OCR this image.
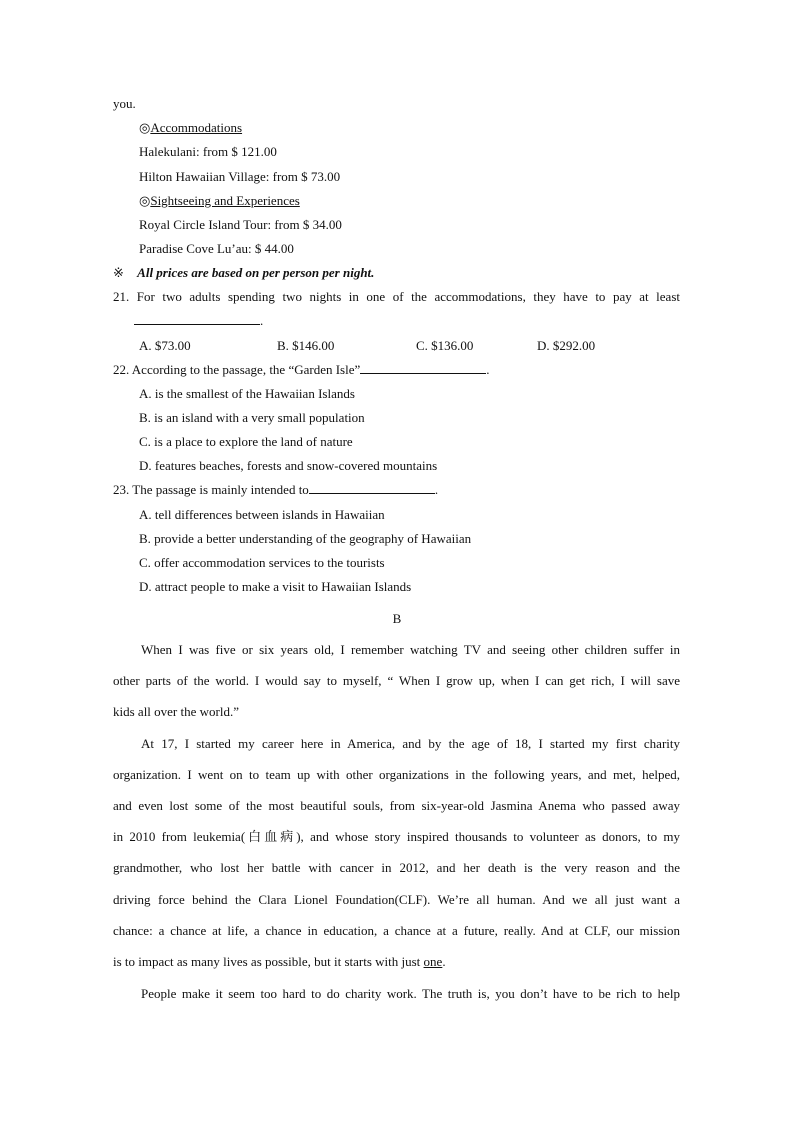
you.
◎Accommodations
Halekulani: from $ 121.00
Hilton Hawaiian Village: from $ 73.00
◎Sightseeing and Experiences
Royal Circle Island Tour: from $ 34.00
Paradise Cove Lu’au: $ 44.00
※ All prices are based on per person per night.
21. For two adults spending two nights in one of the accommodations, they have to pay at least
.
A. $73.00	B. $146.00	C. $136.00	D. $292.00
22. According to the passage, the “Garden Isle”	.
A. is the smallest of the Hawaiian Islands
B. is an island with a very small population
C. is a place to explore the land of nature
D. features beaches, forests and snow-covered mountains
23. The passage is mainly intended to	.
A. tell differences between islands in Hawaiian
B. provide a better understanding of the geography of Hawaiian
C. offer accommodation services to the tourists
D. attract people to make a visit to Hawaiian Islands
B
When I was five or six years old, I remember watching TV and seeing other children suffer in
other parts of the world. I would say to myself, “ When I grow up, when I can get rich, I will save
kids all over the world.”
At 17, I started my career here in America, and by the age of 18, I started my first charity
organization. I went on to team up with other organizations in the following years, and met, helped,
and even lost some of the most beautiful souls, from six-year-old Jasmina Anema who passed away
in 2010 from leukemia(白血病), and whose story inspired thousands to volunteer as donors, to my
grandmother, who lost her battle with cancer in 2012, and her death is the very reason and the
driving force behind the Clara Lionel Foundation(CLF). We’re all human. And we all just want a
chance: a chance at life, a chance in education, a chance at a future, really. And at CLF, our mission
is to impact as many lives as possible, but it starts with just one.
People make it seem too hard to do charity work. The truth is, you don’t have to be rich to help
